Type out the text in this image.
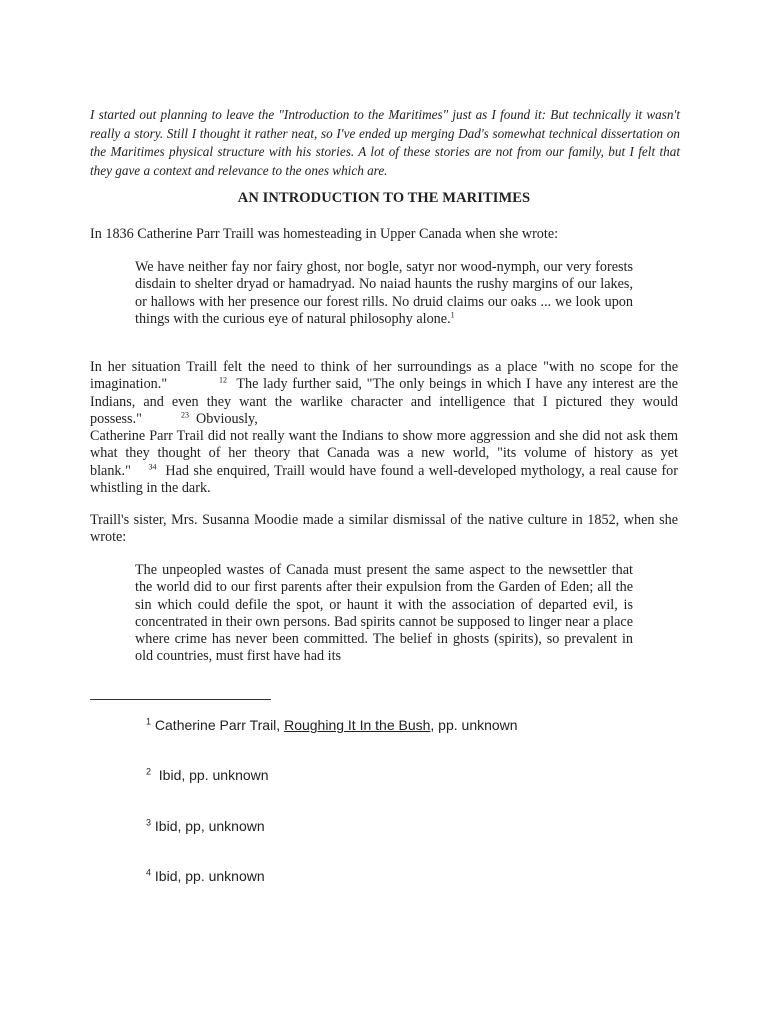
I started out planning to leave the "Introduction to the Maritimes" just as I found it: But technically it wasn't really a story. Still I thought it rather neat, so I've ended up merging Dad's somewhat technical dissertation on the Maritimes physical structure with his stories. A lot of these stories are not from our family, but I felt that they gave a context and relevance to the ones which are.

AN INTRODUCTION TO THE MARITIMES

In 1836 Catherine Parr Traill was homesteading in Upper Canada when she wrote:

We have neither fay nor fairy ghost, nor bogle, satyr nor wood-nymph, our very forests disdain to shelter dryad or hamadryad. No naiad haunts the rushy margins of our lakes, or hallows with her presence our forest rills. No druid claims our oaks ... we look upon things with the curious eye of natural philosophy alone.$^1$

In her situation Traill felt the need to think of her surroundings as a place "with no scope for the imagination."	$^{12}$ The lady further said, "The only beings in which I have any interest are the Indians, and even they want the warlike character and intelligence that I pictured they would possess."	$^{23}$ Obviously,
Catherine Parr Trail did not really want the Indians to show more aggression and she did not ask them what they thought of her theory that Canada was a new world, "its volume of history as yet blank." $^{34}$ Had she enquired, Traill would have found a well-developed mythology, a real cause for whistling in the dark.

Traill's sister, Mrs. Susanna Moodie made a similar dismissal of the native culture in 1852, when she wrote:

The unpeopled wastes of Canada must present the same aspect to the newsettler that the world did to our first parents after their expulsion from the Garden of Eden; all the sin which could defile the spot, or haunt it with the association of departed evil, is concentrated in their own persons. Bad spirits cannot be supposed to linger near a place where crime has never been committed. The belief in ghosts (spirits), so prevalent in old countries, must first have had its

$^1$ Catherine Parr Trail, Roughing It In the Bush, pp. unknown

$^2$ Ibid, pp. unknown

$^3$ Ibid, pp, unknown

$^4$ Ibid, pp. unknown
